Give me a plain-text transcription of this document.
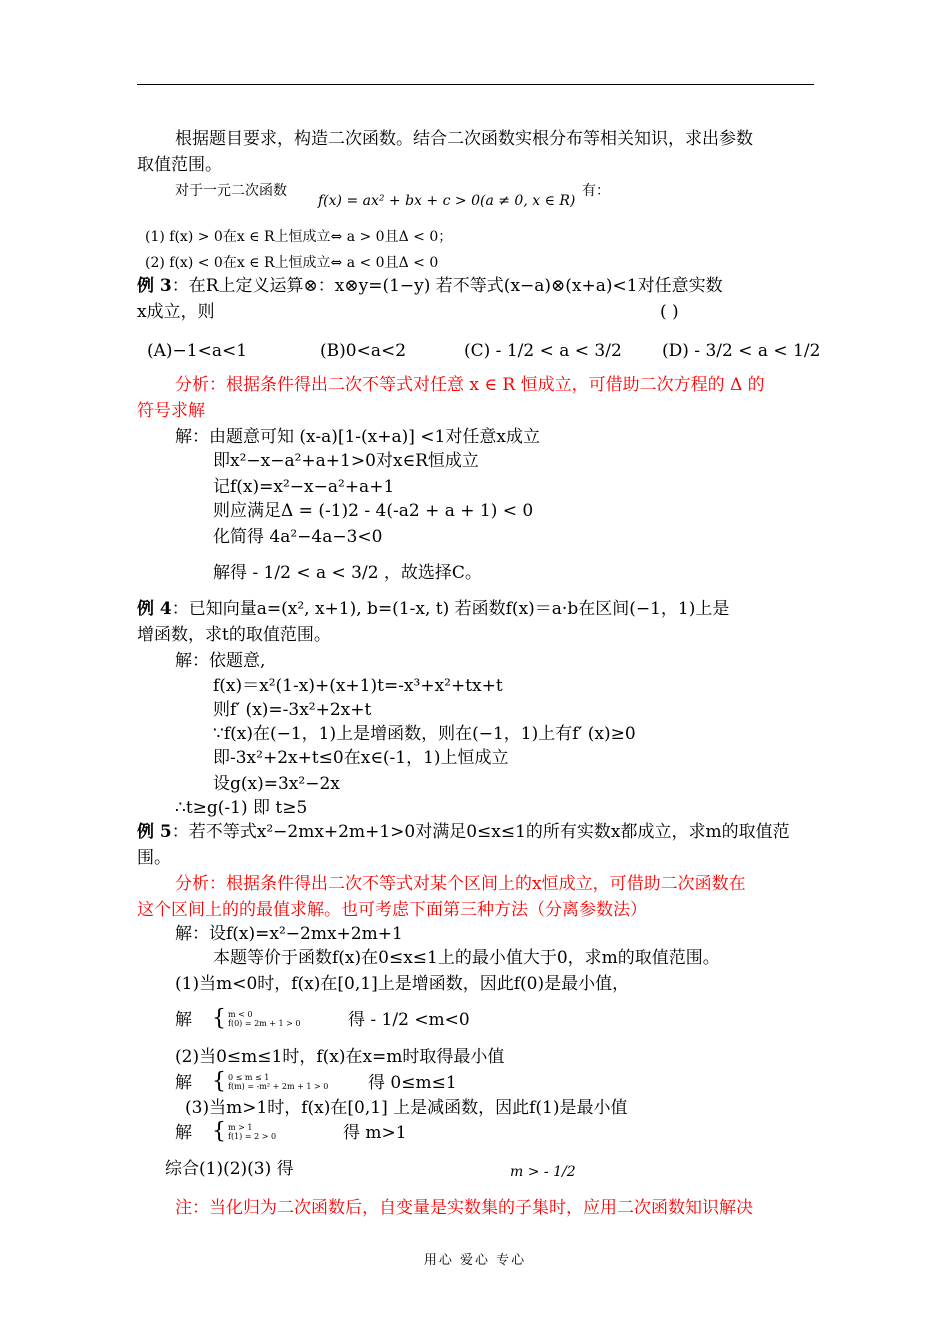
根据题目要求，构造二次函数。结合二次函数实根分布等相关知识，求出参数
取值范围。
对于一元二次函数
f(x) = ax² + bx + c > 0(a ≠ 0, x ∈ R)
有：
(1) f(x) > 0在x ∈ R上恒成立⇔ a > 0且Δ < 0；
(2) f(x) < 0在x ∈ R上恒成立⇔ a < 0且Δ < 0
例 3：在R上定义运算⊗：x⊗y=(1−y) 若不等式(x−a)⊗(x+a)<1对任意实数
x成立，则	( )
(A)−1<a<1	(B)0<a<2	(C) - 1/2 < a < 3/2 (D) - 3/2 < a < 1/2
分析：根据条件得出二次不等式对任意 x ∈ R 恒成立，可借助二次方程的 Δ 的
符号求解
解：由题意可知 (x-a)[1-(x+a)] <1对任意x成立
即x²−x−a²+a+1>0对x∈R恒成立
记f(x)=x²−x−a²+a+1
则应满足Δ = (-1)2 - 4(-a2 + a + 1) < 0
化简得 4a²−4a−3<0
解得 - 1/2 < a < 3/2 ，故选择C。
例 4：已知向量a=(x², x+1), b=(1-x, t) 若函数f(x)＝a·b在区间(−1，1)上是
增函数，求t的取值范围。
解：依题意,
f(x)＝x²(1-x)+(x+1)t=-x³+x²+tx+t
则f′ (x)=-3x²+2x+t
∵f(x)在(−1，1)上是增函数，则在(−1，1)上有f′ (x)≥0
即-3x²+2x+t≤0在x∈(-1，1)上恒成立
设g(x)=3x²−2x
∴t≥g(-1) 即 t≥5
例 5：若不等式x²−2mx+2m+1>0对满足0≤x≤1的所有实数x都成立，求m的取值范
围。
分析：根据条件得出二次不等式对某个区间上的x恒成立，可借助二次函数在
这个区间上的的最值求解。也可考虑下面第三种方法（分离参数法）
解：设f(x)=x²−2mx+2m+1
本题等价于函数f(x)在0≤x≤1上的最小值大于0，求m的取值范围。
(1)当m<0时，f(x)在[0,1]上是增函数，因此f(0)是最小值，
解 { m < 0
f(0) = 2m + 1 > 0	得 - 1/2 <m<0
(2)当0≤m≤1时，f(x)在x=m时取得最小值
解 { 0 ≤ m ≤ 1
f(m) = -m² + 2m + 1 > 0 得 0≤m≤1
(3)当m>1时，f(x)在[0,1] 上是减函数，因此f(1)是最小值
解 { m > 1
f(1) = 2 > 0	得 m>1
综合(1)(2)(3) 得	m > - 1/2
注：当化归为二次函数后，自变量是实数集的子集时，应用二次函数知识解决
用心 爱心 专心
